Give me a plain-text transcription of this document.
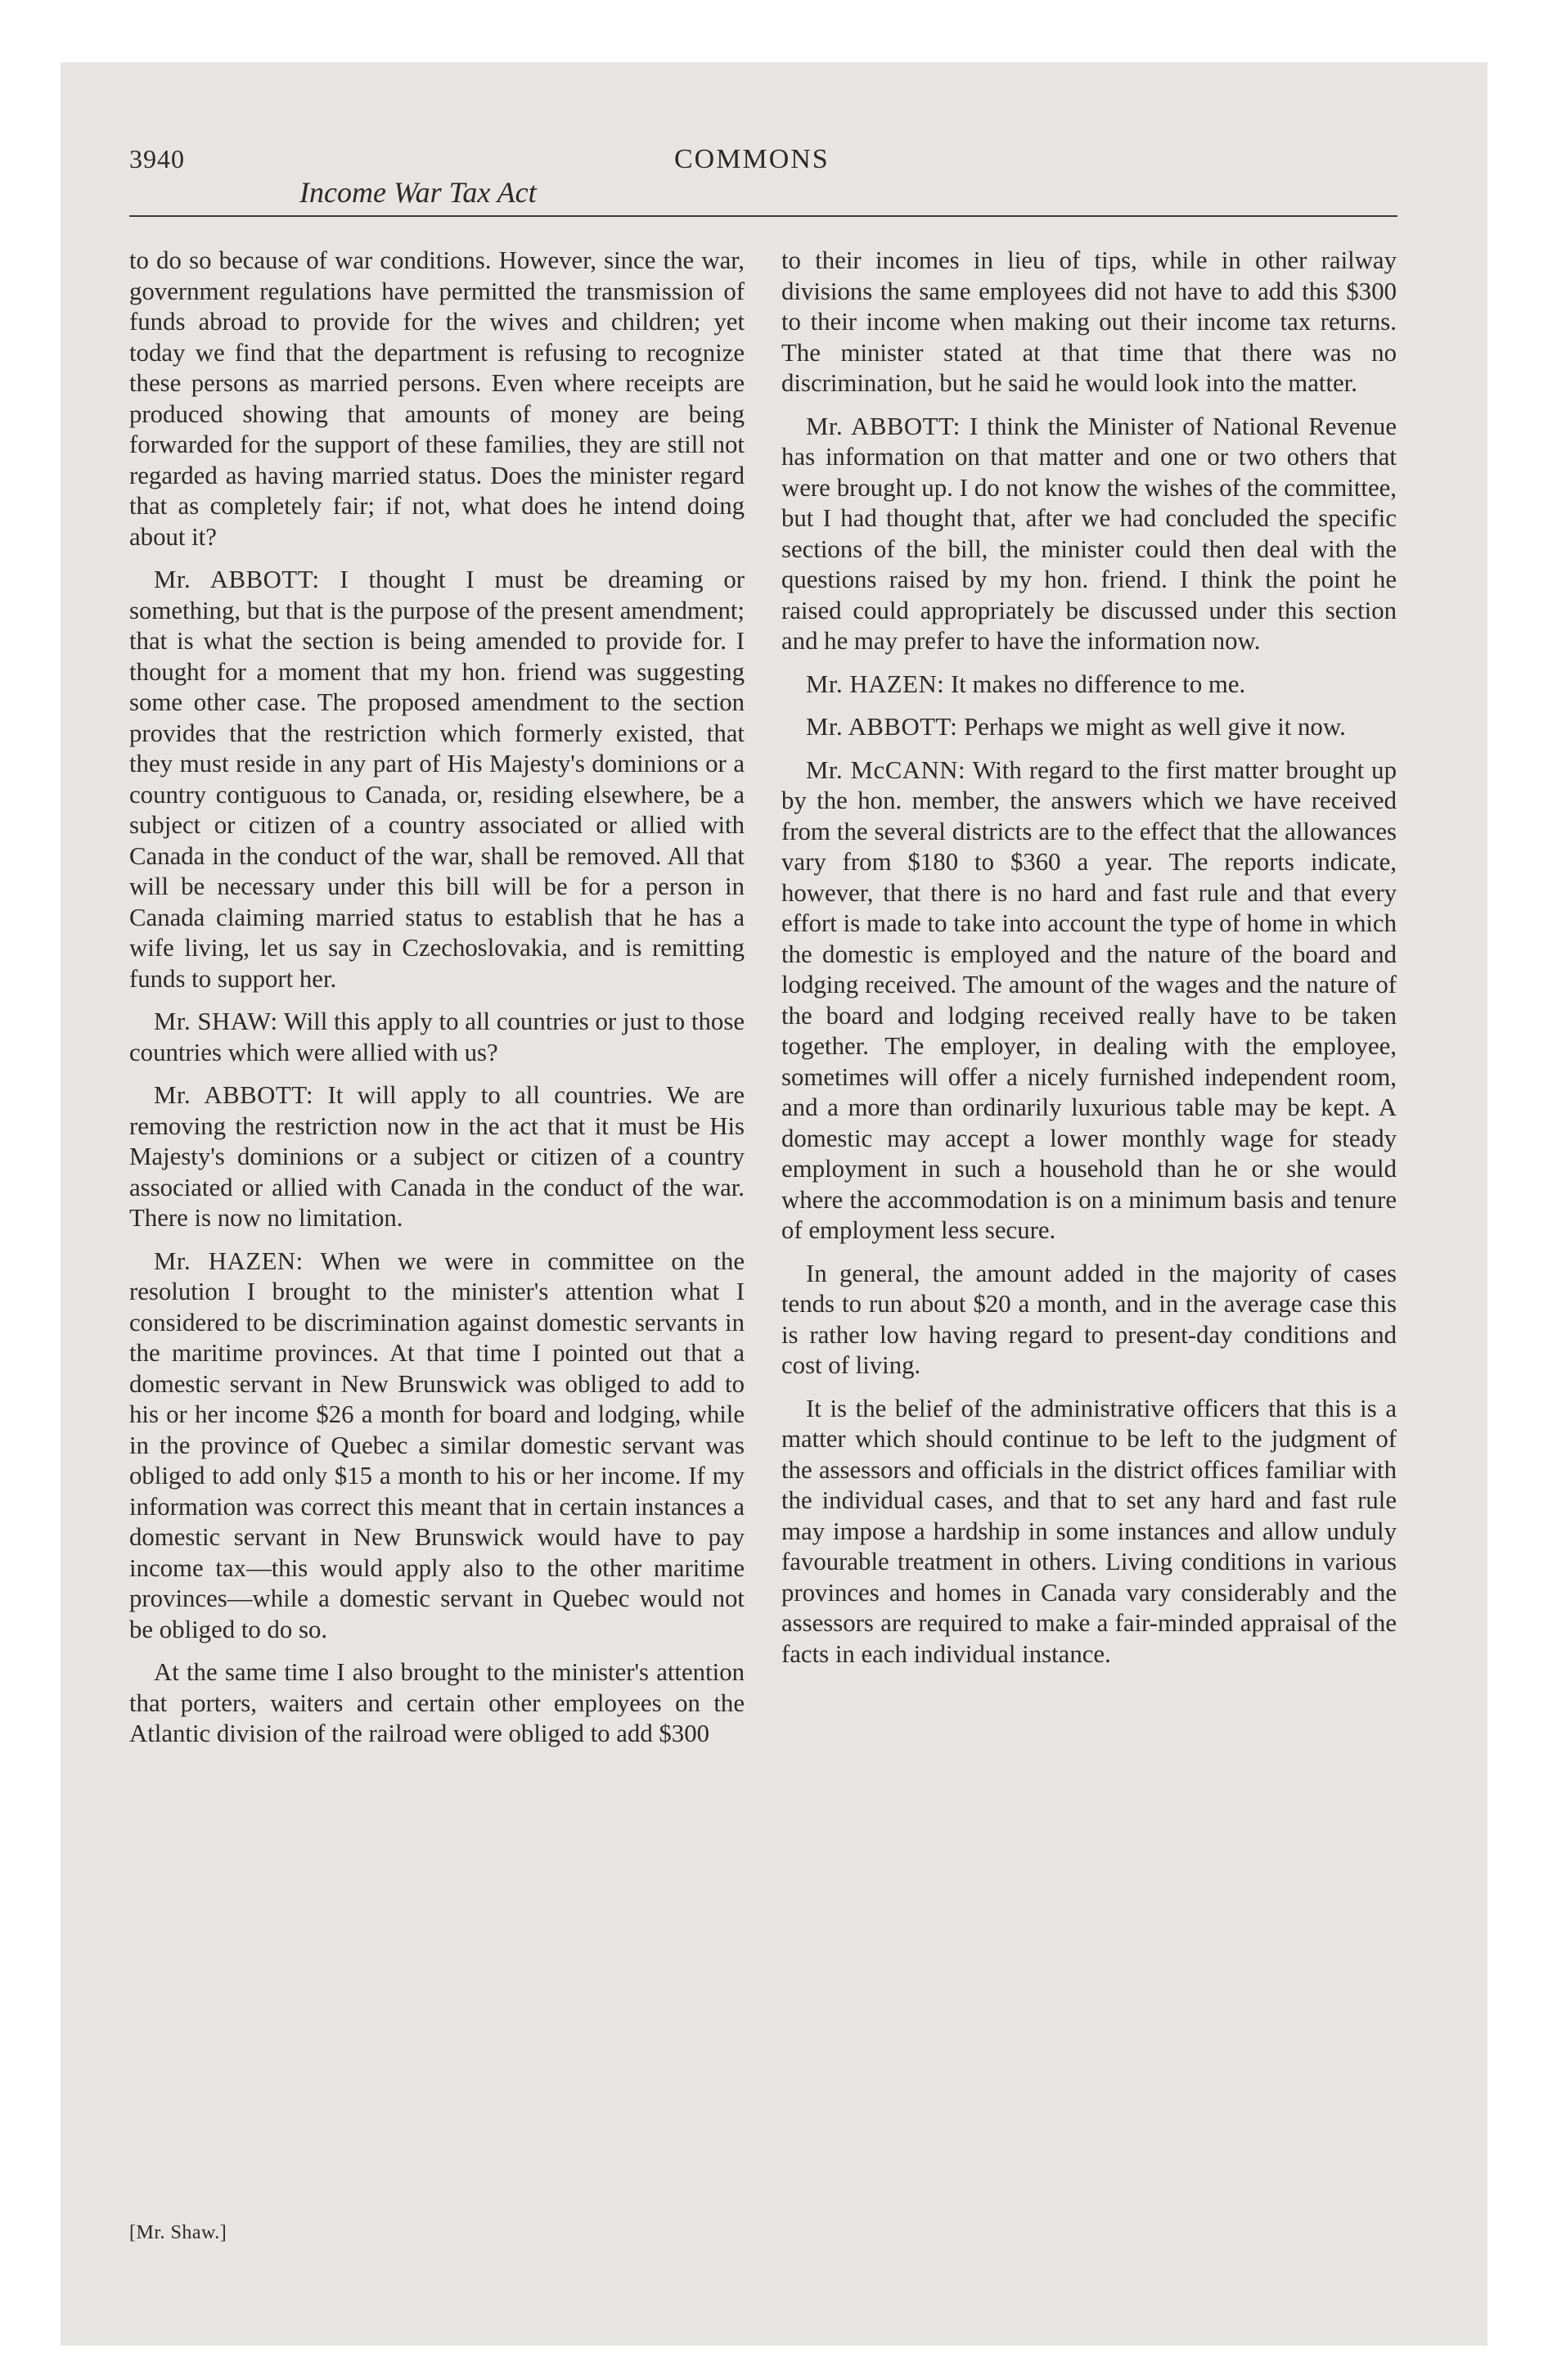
3940	COMMONS
Income War Tax Act

to do so because of war conditions. However, since the war, government regulations have permitted the transmission of funds abroad to provide for the wives and children; yet today we find that the department is refusing to recognize these persons as married persons. Even where receipts are produced showing that amounts of money are being forwarded for the support of these families, they are still not regarded as having married status. Does the minister regard that as completely fair; if not, what does he intend doing about it?

Mr. ABBOTT: I thought I must be dreaming or something, but that is the purpose of the present amendment; that is what the section is being amended to provide for. I thought for a moment that my hon. friend was suggesting some other case. The proposed amendment to the section provides that the restriction which formerly existed, that they must reside in any part of His Majesty's dominions or a country contiguous to Canada, or, residing elsewhere, be a subject or citizen of a country associated or allied with Canada in the conduct of the war, shall be removed. All that will be necessary under this bill will be for a person in Canada claiming married status to establish that he has a wife living, let us say in Czechoslovakia, and is remitting funds to support her.

Mr. SHAW: Will this apply to all countries or just to those countries which were allied with us?

Mr. ABBOTT: It will apply to all countries. We are removing the restriction now in the act that it must be His Majesty's dominions or a subject or citizen of a country associated or allied with Canada in the conduct of the war. There is now no limitation.

Mr. HAZEN: When we were in committee on the resolution I brought to the minister's attention what I considered to be discrimination against domestic servants in the maritime provinces. At that time I pointed out that a domestic servant in New Brunswick was obliged to add to his or her income $26 a month for board and lodging, while in the province of Quebec a similar domestic servant was obliged to add only $15 a month to his or her income. If my information was correct this meant that in certain instances a domestic servant in New Brunswick would have to pay income tax—this would apply also to the other maritime provinces—while a domestic servant in Quebec would not be obliged to do so.

At the same time I also brought to the minister's attention that porters, waiters and certain other employees on the Atlantic division of the railroad were obliged to add $300

to their incomes in lieu of tips, while in other railway divisions the same employees did not have to add this $300 to their income when making out their income tax returns. The minister stated at that time that there was no discrimination, but he said he would look into the matter.

Mr. ABBOTT: I think the Minister of National Revenue has information on that matter and one or two others that were brought up. I do not know the wishes of the committee, but I had thought that, after we had concluded the specific sections of the bill, the minister could then deal with the questions raised by my hon. friend. I think the point he raised could appropriately be discussed under this section and he may prefer to have the information now.

Mr. HAZEN: It makes no difference to me.

Mr. ABBOTT: Perhaps we might as well give it now.

Mr. McCANN: With regard to the first matter brought up by the hon. member, the answers which we have received from the several districts are to the effect that the allowances vary from $180 to $360 a year. The reports indicate, however, that there is no hard and fast rule and that every effort is made to take into account the type of home in which the domestic is employed and the nature of the board and lodging received. The amount of the wages and the nature of the board and lodging received really have to be taken together. The employer, in dealing with the employee, sometimes will offer a nicely furnished independent room, and a more than ordinarily luxurious table may be kept. A domestic may accept a lower monthly wage for steady employment in such a household than he or she would where the accommodation is on a minimum basis and tenure of employment less secure.

In general, the amount added in the majority of cases tends to run about $20 a month, and in the average case this is rather low having regard to present-day conditions and cost of living.

It is the belief of the administrative officers that this is a matter which should continue to be left to the judgment of the assessors and officials in the district offices familiar with the individual cases, and that to set any hard and fast rule may impose a hardship in some instances and allow unduly favourable treatment in others. Living conditions in various provinces and homes in Canada vary considerably and the assessors are required to make a fair-minded appraisal of the facts in each individual instance.

[Mr. Shaw.]
